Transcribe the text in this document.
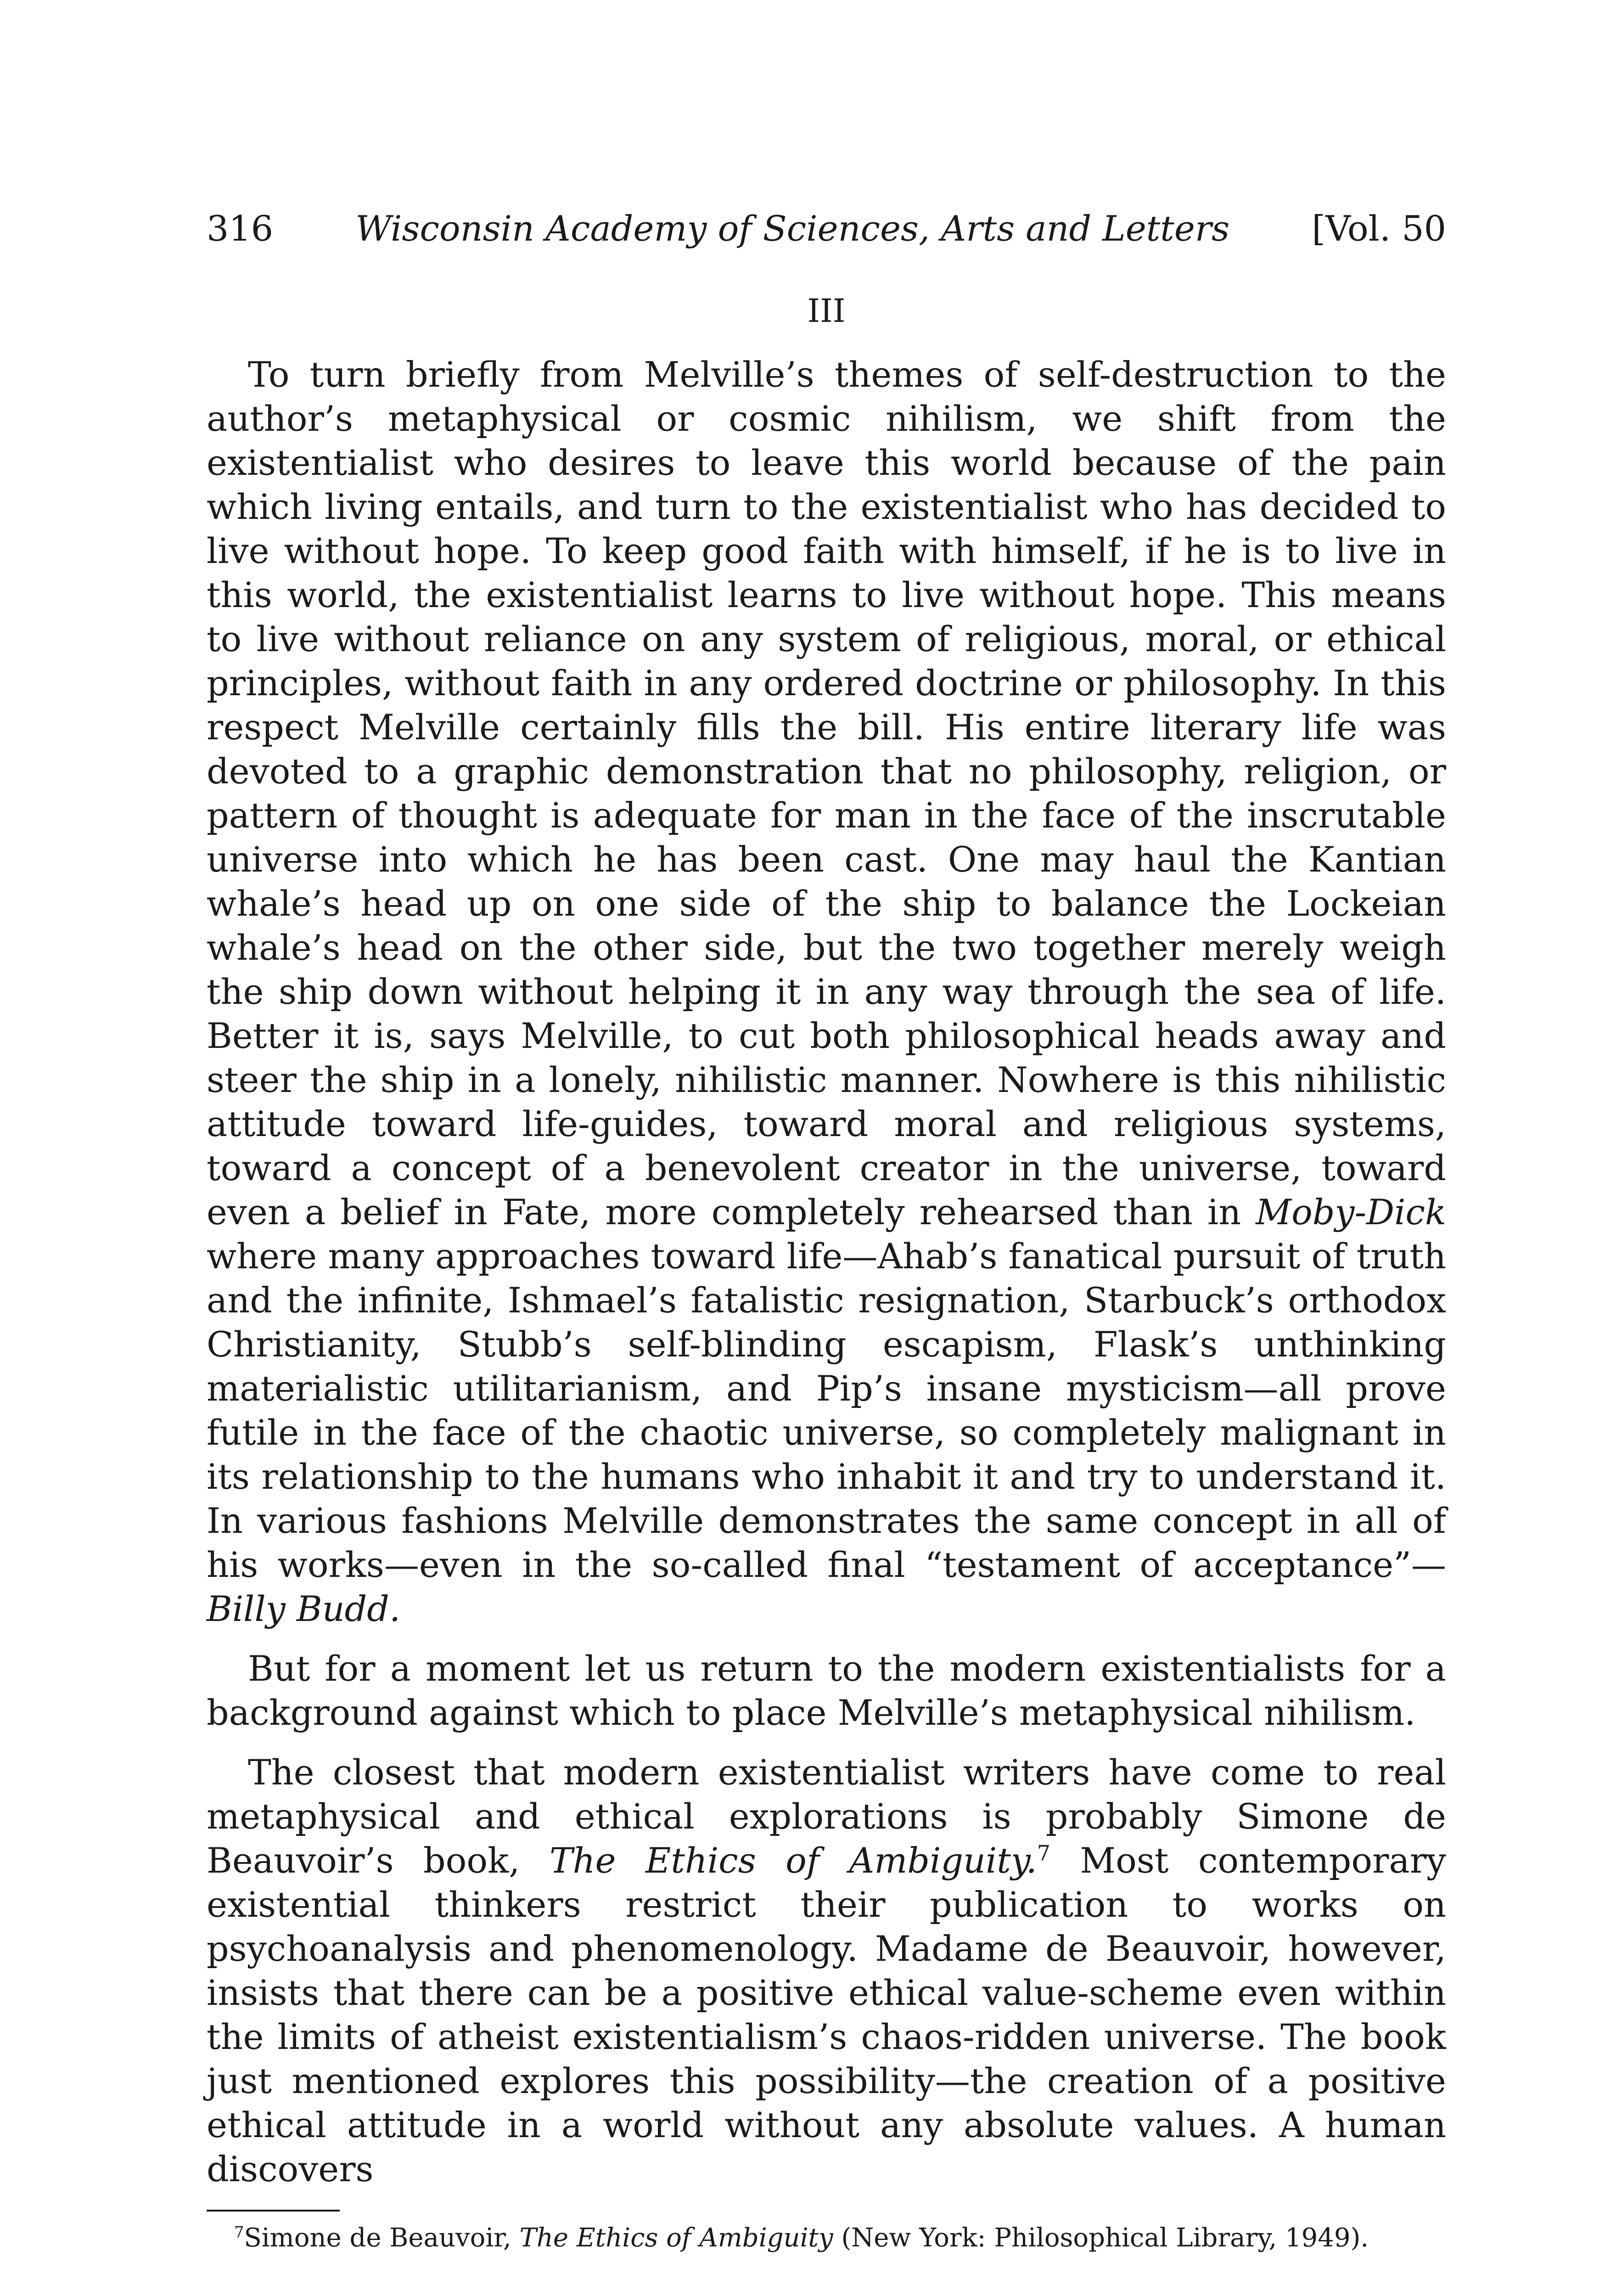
316	Wisconsin Academy of Sciences, Arts and Letters	[Vol. 50
III

To turn briefly from Melville’s themes of self-destruction to the author’s metaphysical or cosmic nihilism, we shift from the existentialist who desires to leave this world because of the pain which living entails, and turn to the existentialist who has decided to live without hope. To keep good faith with himself, if he is to live in this world, the existentialist learns to live without hope. This means to live without reliance on any system of religious, moral, or ethical principles, without faith in any ordered doctrine or philosophy. In this respect Melville certainly fills the bill. His entire literary life was devoted to a graphic demonstration that no philosophy, religion, or pattern of thought is adequate for man in the face of the inscrutable universe into which he has been cast. One may haul the Kantian whale’s head up on one side of the ship to balance the Lockeian whale’s head on the other side, but the two together merely weigh the ship down without helping it in any way through the sea of life. Better it is, says Melville, to cut both philosophical heads away and steer the ship in a lonely, nihilistic manner. Nowhere is this nihilistic attitude toward life-guides, toward moral and religious systems, toward a concept of a benevolent creator in the universe, toward even a belief in Fate, more completely rehearsed than in Moby-Dick where many approaches toward life—Ahab’s fanatical pursuit of truth and the infinite, Ishmael’s fatalistic resignation, Starbuck’s orthodox Christianity, Stubb’s self-blinding escapism, Flask’s unthinking materialistic utilitarianism, and Pip’s insane mysticism—all prove futile in the face of the chaotic universe, so completely malignant in its relationship to the humans who inhabit it and try to understand it. In various fashions Melville demonstrates the same concept in all of his works—even in the so-called final “testament of acceptance”—Billy Budd.

But for a moment let us return to the modern existentialists for a background against which to place Melville’s metaphysical nihilism.

The closest that modern existentialist writers have come to real metaphysical and ethical explorations is probably Simone de Beauvoir’s book, The Ethics of Ambiguity.$^7$ Most contemporary existential thinkers restrict their publication to works on psychoanalysis and phenomenology. Madame de Beauvoir, however, insists that there can be a positive ethical value-scheme even within the limits of atheist existentialism’s chaos-ridden universe. The book just mentioned explores this possibility—the creation of a positive ethical attitude in a world without any absolute values. A human discovers

$^7$Simone de Beauvoir, The Ethics of Ambiguity (New York: Philosophical Library, 1949).
